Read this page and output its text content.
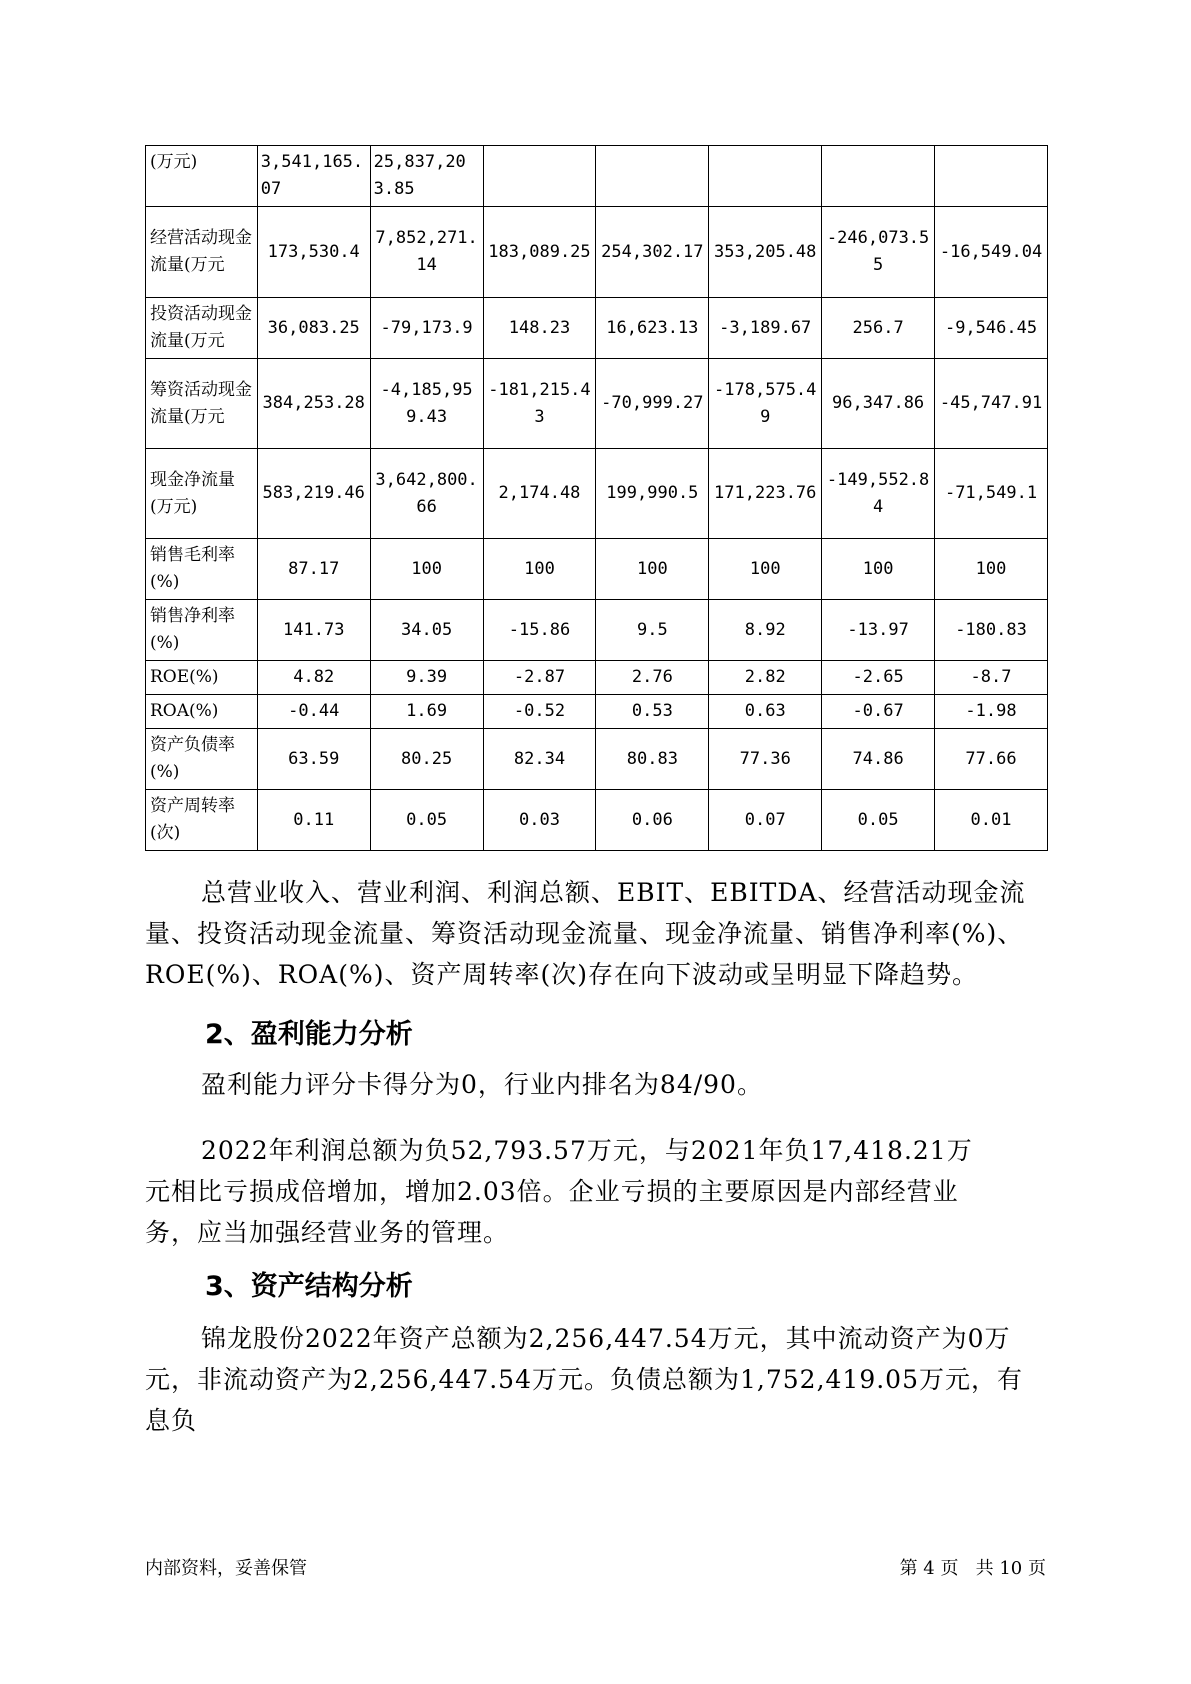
(万元)	3,541,165.07	25,837,203.85					
经营活动现金流量(万元	173,530.4	7,852,271.14	183,089.25	254,302.17	353,205.48	-246,073.55	-16,549.04
投资活动现金流量(万元	36,083.25	-79,173.9	148.23	16,623.13	-3,189.67	256.7	-9,546.45
筹资活动现金流量(万元	384,253.28	-4,185,959.43	-181,215.43	-70,999.27	-178,575.49	96,347.86	-45,747.91
现金净流量(万元)	583,219.46	3,642,800.66	2,174.48	199,990.5	171,223.76	-149,552.84	-71,549.1
销售毛利率(%)	87.17	100	100	100	100	100	100
销售净利率(%)	141.73	34.05	-15.86	9.5	8.92	-13.97	-180.83
ROE(%)	4.82	9.39	-2.87	2.76	2.82	-2.65	-8.7
ROA(%)	-0.44	1.69	-0.52	0.53	0.63	-0.67	-1.98
资产负债率(%)	63.59	80.25	82.34	80.83	77.36	74.86	77.66
资产周转率(次)	0.11	0.05	0.03	0.06	0.07	0.05	0.01

总营业收入、营业利润、利润总额、EBIT、EBITDA、经营活动现金流量、投资活动现金流量、筹资活动现金流量、现金净流量、销售净利率(%)、ROE(%)、ROA(%)、资产周转率(次)存在向下波动或呈明显下降趋势。

2、盈利能力分析

盈利能力评分卡得分为0，行业内排名为84/90。

2022年利润总额为负52,793.57万元，与2021年负17,418.21万元相比亏损成倍增加，增加2.03倍。企业亏损的主要原因是内部经营业务，应当加强经营业务的管理。

3、资产结构分析

锦龙股份2022年资产总额为2,256,447.54万元，其中流动资产为0万元，非流动资产为2,256,447.54万元。负债总额为1,752,419.05万元，有息负

内部资料，妥善保管	第 4 页   共 10 页
